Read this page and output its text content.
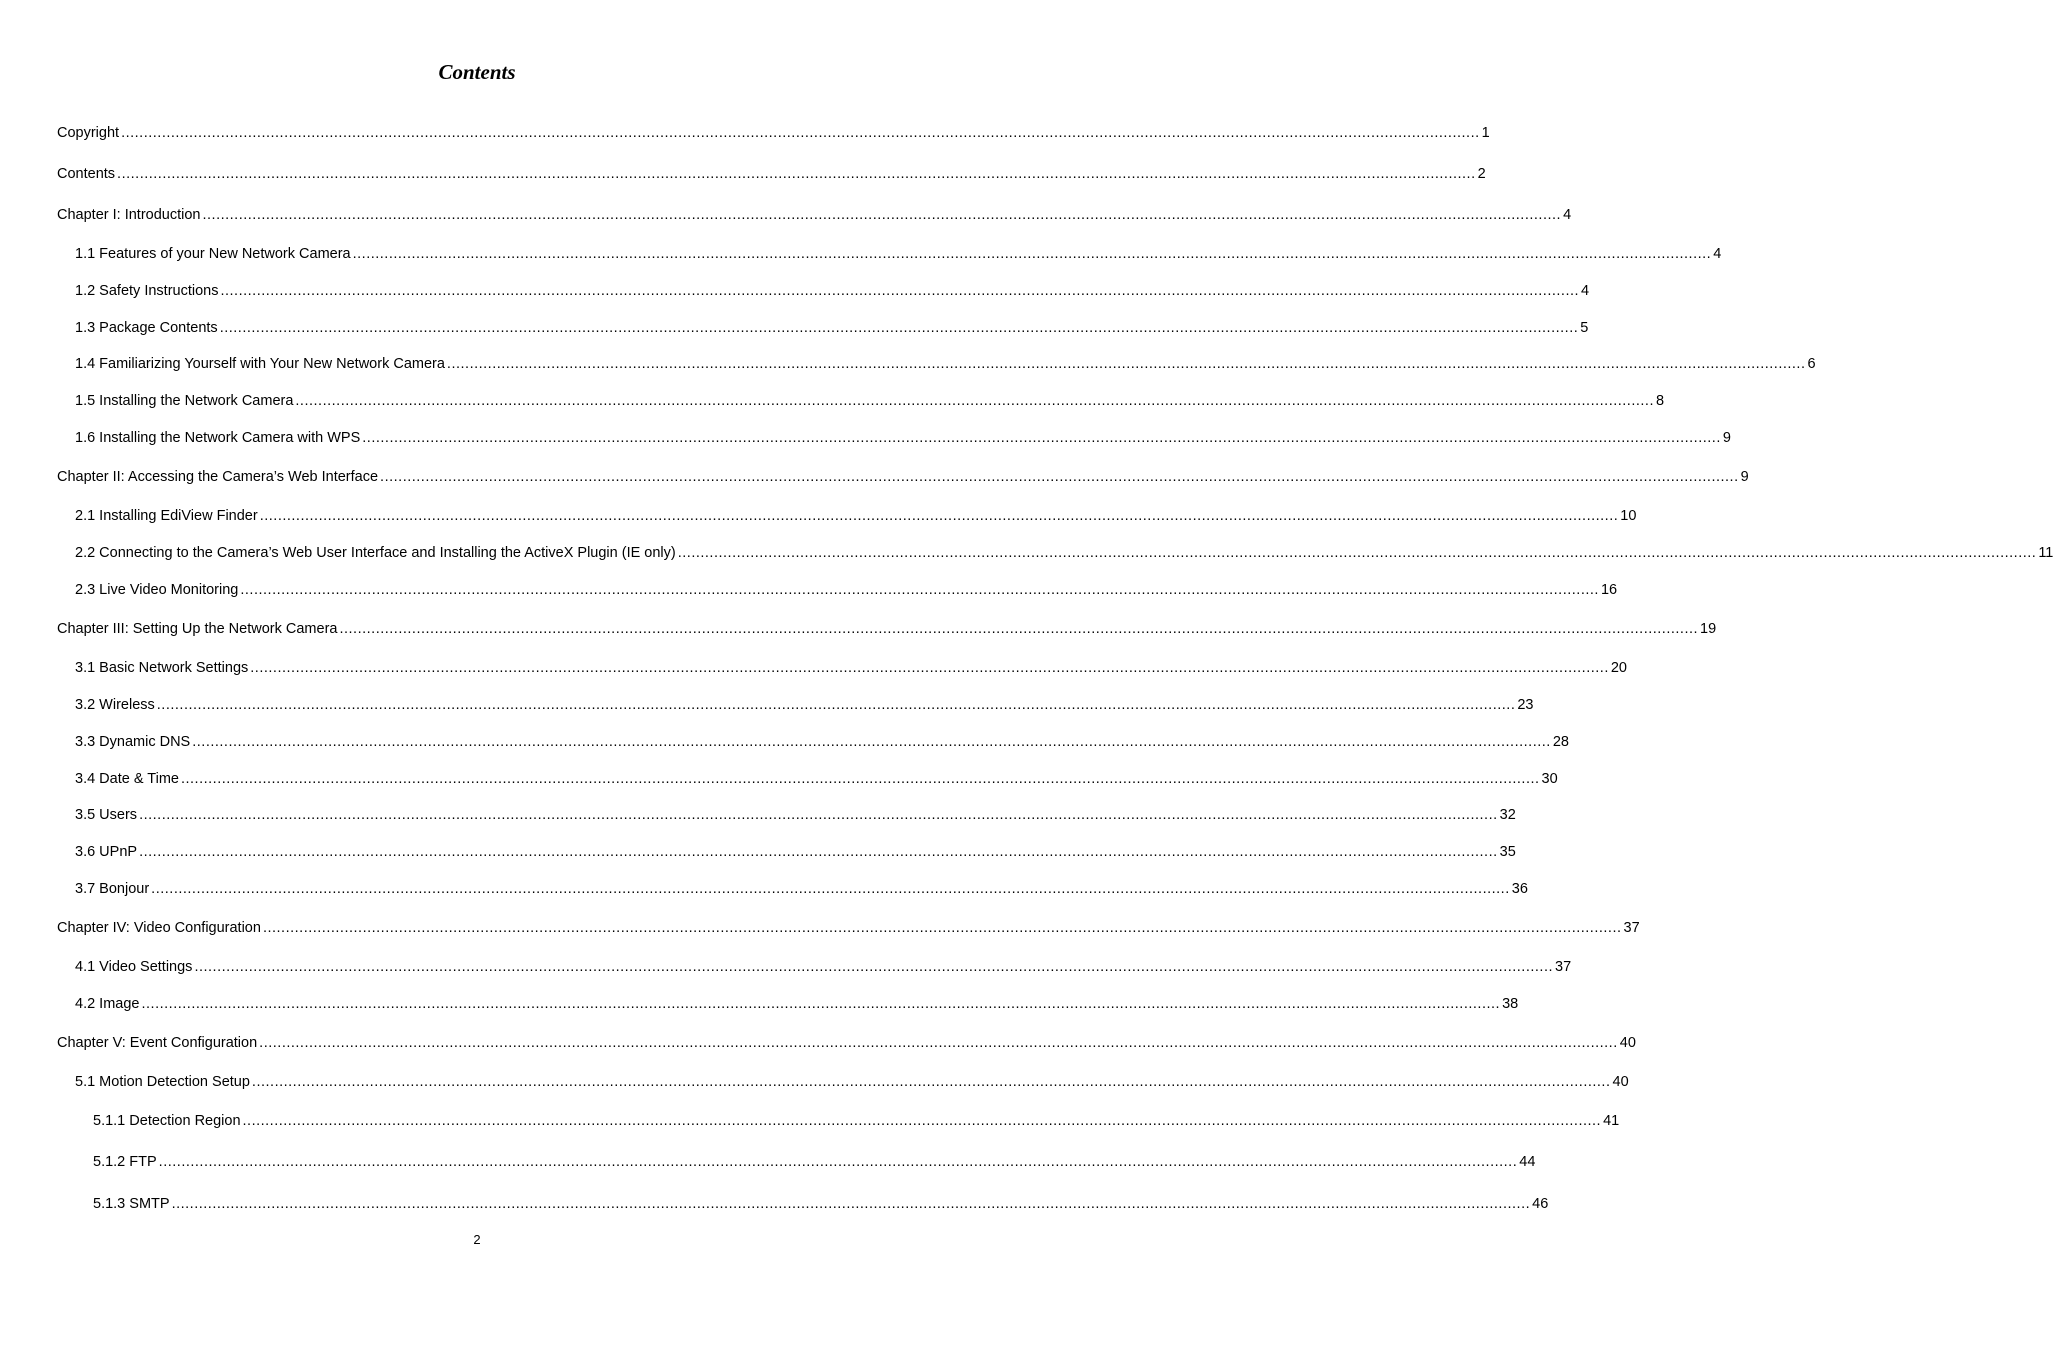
Contents
Copyright ............................................................................................................................................................................................................................................................................................................ 1
Contents ............................................................................................................................................................................................................................................................................................................ 2
Chapter I: Introduction ............................................................................................................................................................................................................................................................................................................ 4
1.1 Features of your New Network Camera ............................................................................................................................................................................................................................................................................................................ 4
1.2 Safety Instructions ............................................................................................................................................................................................................................................................................................................ 4
1.3 Package Contents ............................................................................................................................................................................................................................................................................................................ 5
1.4 Familiarizing Yourself with Your New Network Camera ............................................................................................................................................................................................................................................................................................................ 6
1.5 Installing the Network Camera ............................................................................................................................................................................................................................................................................................................ 8
1.6 Installing the Network Camera with WPS ............................................................................................................................................................................................................................................................................................................ 9
Chapter II: Accessing the Camera’s Web Interface ............................................................................................................................................................................................................................................................................................................ 9
2.1 Installing EdiView Finder ............................................................................................................................................................................................................................................................................................................ 10
2.2 Connecting to the Camera’s Web User Interface and Installing the ActiveX Plugin (IE only) ............................................................................................................................................................................................................................................................................................................ 11
2.3 Live Video Monitoring ............................................................................................................................................................................................................................................................................................................ 16
Chapter III: Setting Up the Network Camera ............................................................................................................................................................................................................................................................................................................ 19
3.1 Basic Network Settings ............................................................................................................................................................................................................................................................................................................ 20
3.2 Wireless ............................................................................................................................................................................................................................................................................................................ 23
3.3 Dynamic DNS ............................................................................................................................................................................................................................................................................................................ 28
3.4 Date & Time ............................................................................................................................................................................................................................................................................................................ 30
3.5 Users ............................................................................................................................................................................................................................................................................................................ 32
3.6 UPnP ............................................................................................................................................................................................................................................................................................................ 35
3.7 Bonjour ............................................................................................................................................................................................................................................................................................................ 36
Chapter IV: Video Configuration ............................................................................................................................................................................................................................................................................................................ 37
4.1 Video Settings ............................................................................................................................................................................................................................................................................................................ 37
4.2 Image ............................................................................................................................................................................................................................................................................................................ 38
Chapter V: Event Configuration ............................................................................................................................................................................................................................................................................................................ 40
5.1 Motion Detection Setup ............................................................................................................................................................................................................................................................................................................ 40
5.1.1 Detection Region ............................................................................................................................................................................................................................................................................................................ 41
5.1.2 FTP ............................................................................................................................................................................................................................................................................................................ 44
5.1.3 SMTP ............................................................................................................................................................................................................................................................................................................ 46
2
